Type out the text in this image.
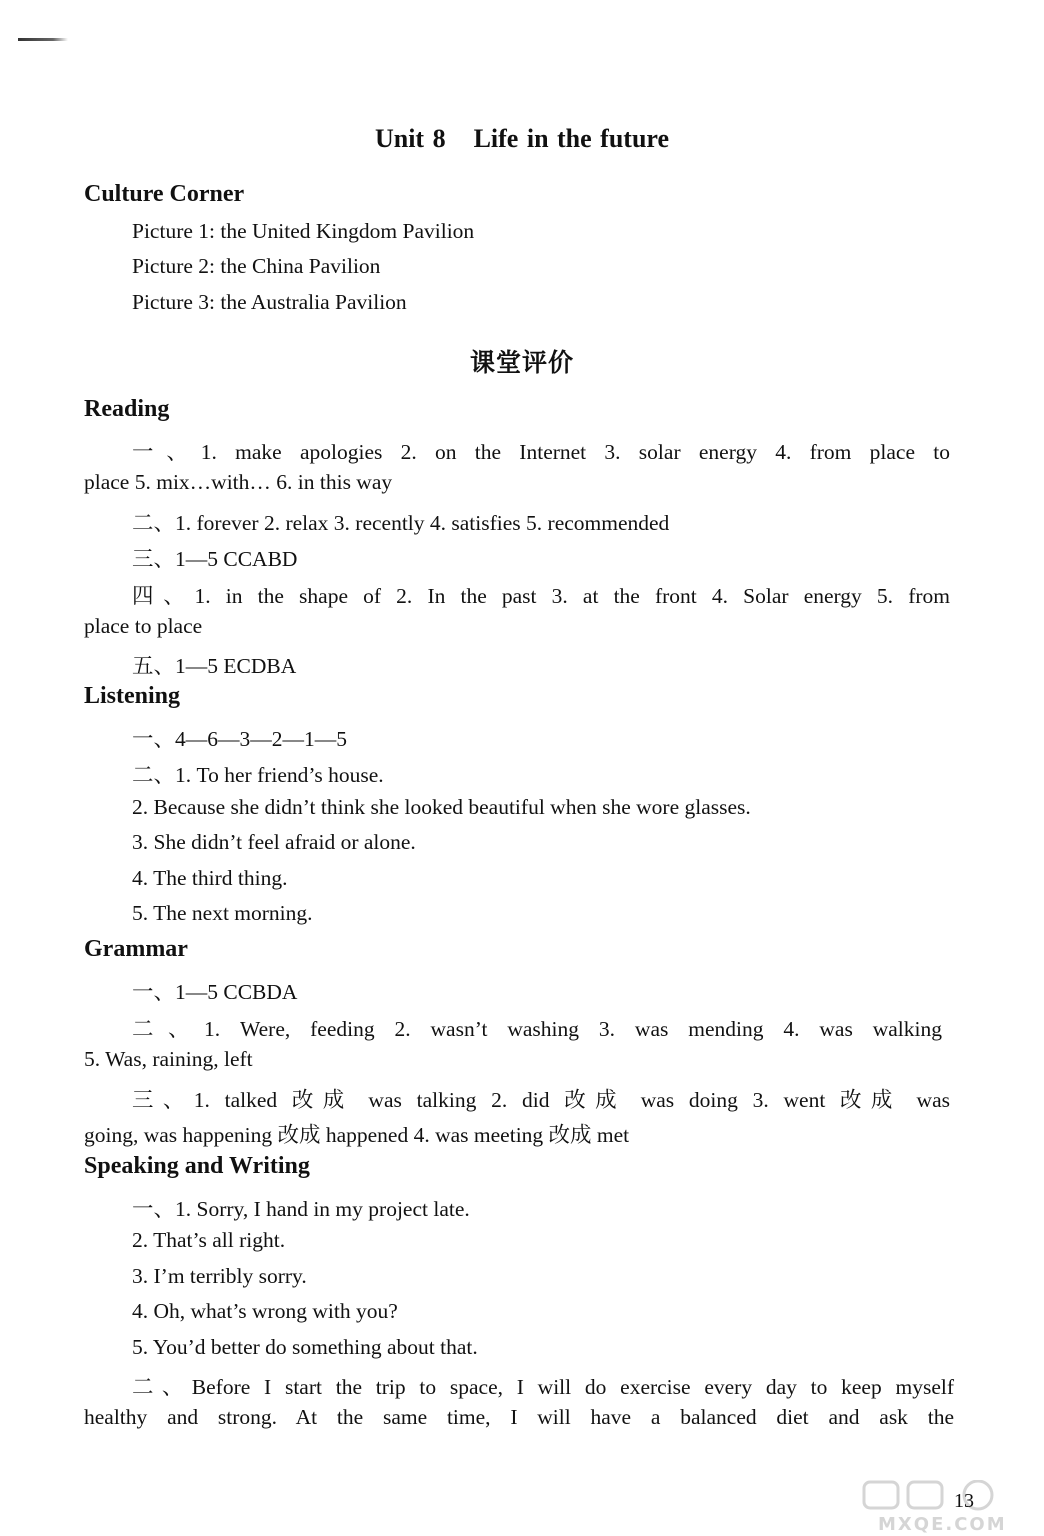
Unit 8 Life in the future
Culture Corner
Picture 1: the United Kingdom Pavilion
Picture 2: the China Pavilion
Picture 3: the Australia Pavilion
课堂评价
Reading
一、1. make apologies 2. on the Internet 3. solar energy 4. from place to
place 5. mix…with… 6. in this way
二、1. forever 2. relax 3. recently 4. satisfies 5. recommended
三、1—5 CCABD
四、1. in the shape of 2. In the past 3. at the front 4. Solar energy 5. from
place to place
五、1—5 ECDBA
Listening
一、4—6—3—2—1—5
二、1. To her friend’s house.
2. Because she didn’t think she looked beautiful when she wore glasses.
3. She didn’t feel afraid or alone.
4. The third thing.
5. The next morning.
Grammar
一、1—5 CCBDA
二、1. Were, feeding 2. wasn’t washing 3. was mending 4. was walking
5. Was, raining, left
三、1. talked 改成 was talking 2. did 改成 was doing 3. went 改成 was
going, was happening 改成 happened 4. was meeting 改成 met
Speaking and Writing
一、1. Sorry, I hand in my project late.
2. That’s all right.
3. I’m terribly sorry.
4. Oh, what’s wrong with you?
5. You’d better do something about that.
二、Before I start the trip to space, I will do exercise every day to keep myself
healthy and strong. At the same time, I will have a balanced diet and ask the
MXQE.COM
13
